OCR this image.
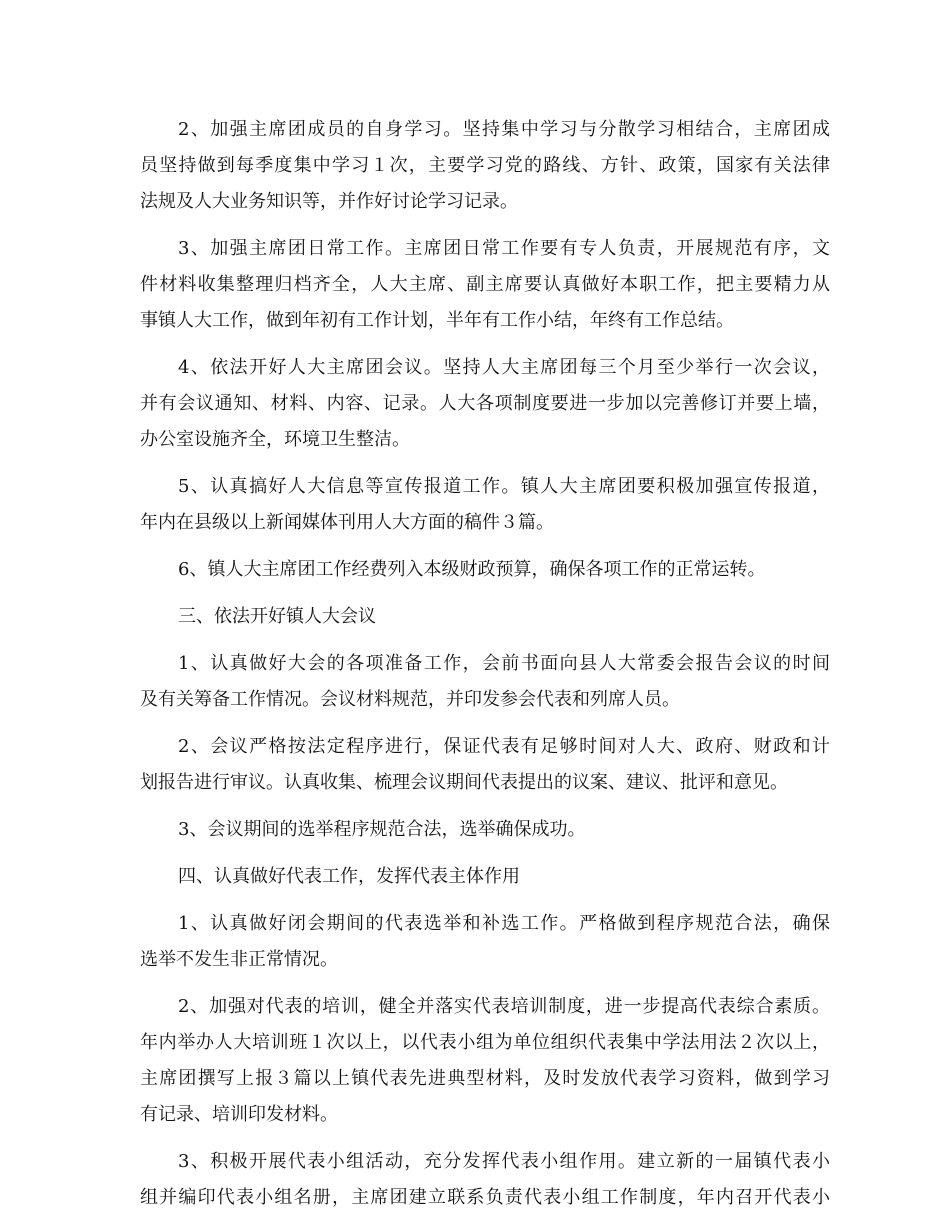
2、加强主席团成员的自身学习。坚持集中学习与分散学习相结合，主席团成
员坚持做到每季度集中学习１次，主要学习党的路线、方针、政策，国家有关法律
法规及人大业务知识等，并作好讨论学习记录。
3、加强主席团日常工作。主席团日常工作要有专人负责，开展规范有序，文
件材料收集整理归档齐全，人大主席、副主席要认真做好本职工作，把主要精力从
事镇人大工作，做到年初有工作计划，半年有工作小结，年终有工作总结。
4、依法开好人大主席团会议。坚持人大主席团每三个月至少举行一次会议，
并有会议通知、材料、内容、记录。人大各项制度要进一步加以完善修订并要上墙，
办公室设施齐全，环境卫生整洁。
5、认真搞好人大信息等宣传报道工作。镇人大主席团要积极加强宣传报道，
年内在县级以上新闻媒体刊用人大方面的稿件３篇。
6、镇人大主席团工作经费列入本级财政预算，确保各项工作的正常运转。
三、依法开好镇人大会议
1、认真做好大会的各项准备工作，会前书面向县人大常委会报告会议的时间
及有关筹备工作情况。会议材料规范，并印发参会代表和列席人员。
2、会议严格按法定程序进行，保证代表有足够时间对人大、政府、财政和计
划报告进行审议。认真收集、梳理会议期间代表提出的议案、建议、批评和意见。
3、会议期间的选举程序规范合法，选举确保成功。
四、认真做好代表工作，发挥代表主体作用
1、认真做好闭会期间的代表选举和补选工作。严格做到程序规范合法，确保
选举不发生非正常情况。
2、加强对代表的培训，健全并落实代表培训制度，进一步提高代表综合素质。
年内举办人大培训班１次以上，以代表小组为单位组织代表集中学法用法２次以上，
主席团撰写上报３篇以上镇代表先进典型材料，及时发放代表学习资料，做到学习
有记录、培训印发材料。
3、积极开展代表小组活动，充分发挥代表小组作用。建立新的一届镇代表小
组并编印代表小组名册，主席团建立联系负责代表小组工作制度，年内召开代表小
